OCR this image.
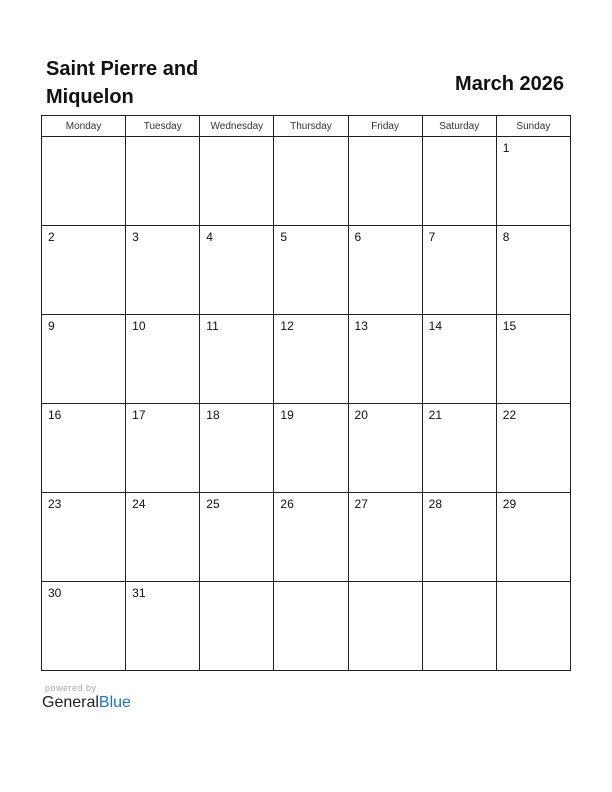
Saint Pierre and Miquelon
March 2026
Monday	Tuesday	Wednesday	Thursday	Friday	Saturday	Sunday

						1

2	3	4	5	6	7	8

9	10	11	12	13	14	15

16	17	18	19	20	21	22

23	24	25	26	27	28	29

30	31					

powered by
GeneralBlue
